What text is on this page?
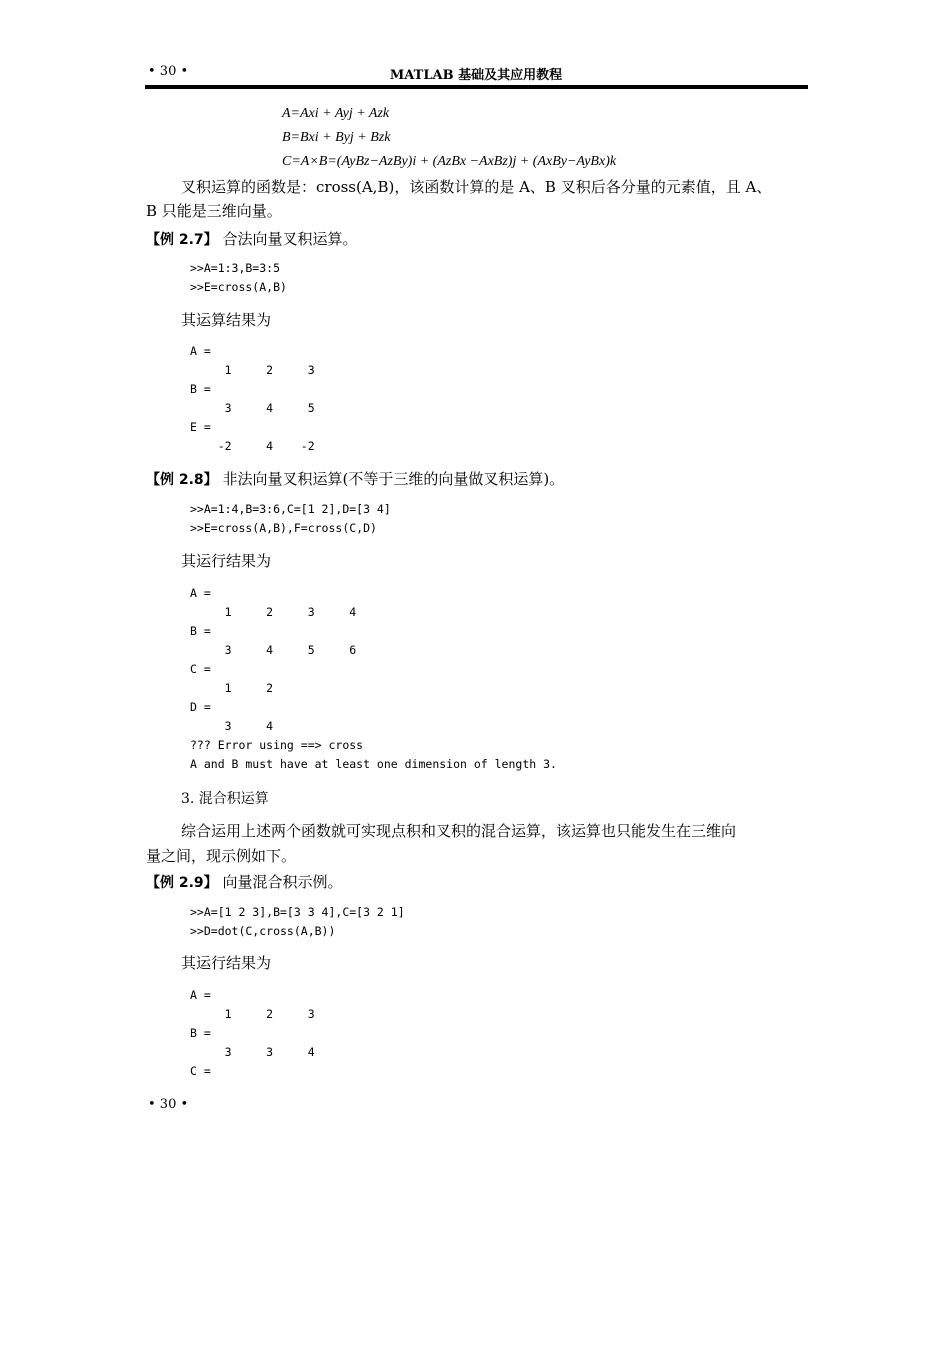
• 30 •	MATLAB 基础及其应用教程
A=Axi + Ayj + Azk
B=Bxi + Byj + Bzk
C=A×B=(AyBz−AzBy)i + (AzBx −AxBz)j + (AxBy−AyBx)k
叉积运算的函数是：cross(A,B)，该函数计算的是 A、B 叉积后各分量的元素值，且 A、
B 只能是三维向量。
【例 2.7】 合法向量叉积运算。
>>A=1:3,B=3:5
>>E=cross(A,B)
其运算结果为
A =
1     2     3
B =
3     4     5
E =
-2     4    -2
【例 2.8】 非法向量叉积运算(不等于三维的向量做叉积运算)。
>>A=1:4,B=3:6,C=[1 2],D=[3 4]
>>E=cross(A,B),F=cross(C,D)
其运行结果为
A =
1     2     3     4
B =
3     4     5     6
C =
1     2
D =
3     4
??? Error using ==> cross
A and B must have at least one dimension of length 3.
3. 混合积运算
综合运用上述两个函数就可实现点积和叉积的混合运算，该运算也只能发生在三维向
量之间，现示例如下。
【例 2.9】 向量混合积示例。
>>A=[1 2 3],B=[3 3 4],C=[3 2 1]
>>D=dot(C,cross(A,B))
其运行结果为
A =
1     2     3
B =
3     3     4
C =
• 30 •
